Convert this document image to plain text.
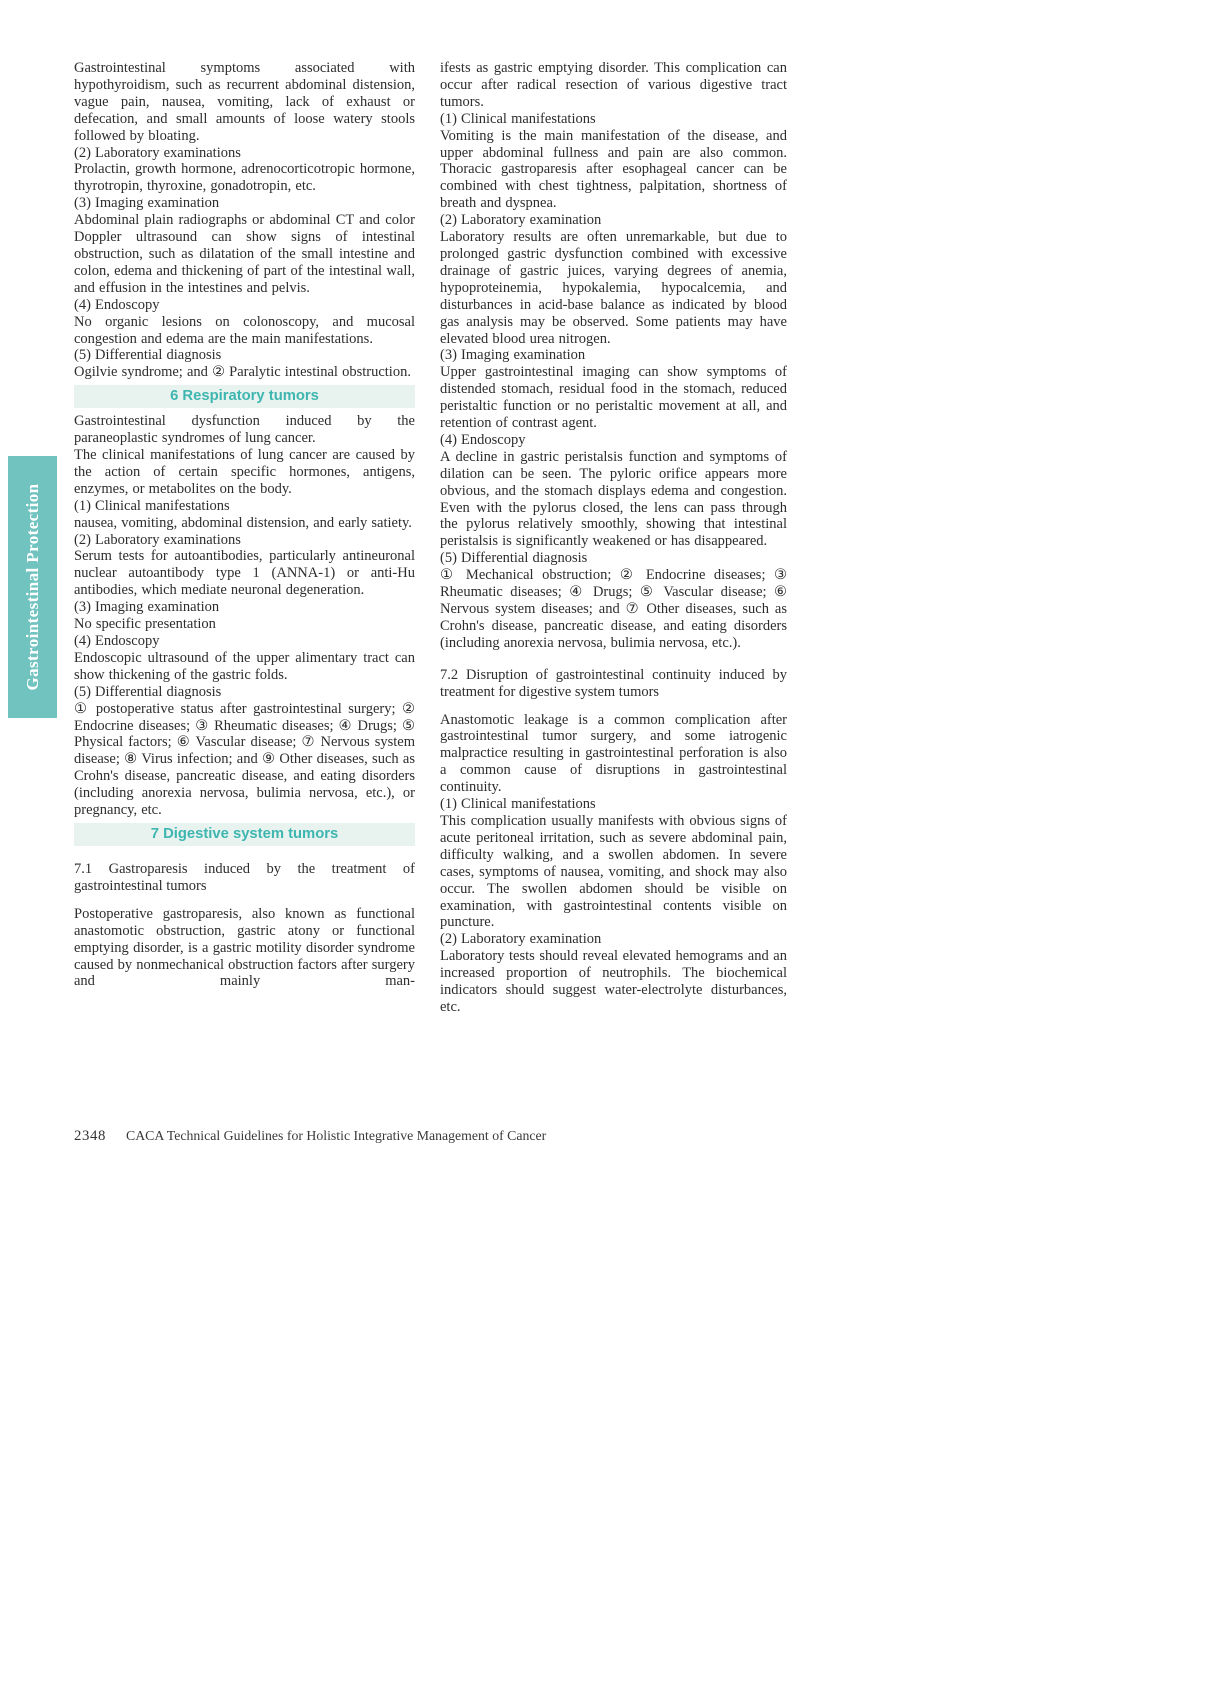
Gastrointestinal Protection

Gastrointestinal symptoms associated with hypothyroidism, such as recurrent abdominal distension, vague pain, nausea, vomiting, lack of exhaust or defecation, and small amounts of loose watery stools followed by bloating.

(2) Laboratory examinations

Prolactin, growth hormone, adrenocorticotropic hormone, thyrotropin, thyroxine, gonadotropin, etc.

(3) Imaging examination

Abdominal plain radiographs or abdominal CT and color Doppler ultrasound can show signs of intestinal obstruction, such as dilatation of the small intestine and colon, edema and thickening of part of the intestinal wall, and effusion in the intestines and pelvis.

(4) Endoscopy

No organic lesions on colonoscopy, and mucosal congestion and edema are the main manifestations.

(5) Differential diagnosis

Ogilvie syndrome; and ② Paralytic intestinal obstruction.

6 Respiratory tumors

Gastrointestinal dysfunction induced by the paraneoplastic syndromes of lung cancer.

The clinical manifestations of lung cancer are caused by the action of certain specific hormones, antigens, enzymes, or metabolites on the body.

(1) Clinical manifestations

nausea, vomiting, abdominal distension, and early satiety.

(2) Laboratory examinations

Serum tests for autoantibodies, particularly antineuronal nuclear autoantibody type 1 (ANNA-1) or anti-Hu antibodies, which mediate neuronal degeneration.

(3) Imaging examination

No specific presentation

(4) Endoscopy

Endoscopic ultrasound of the upper alimentary tract can show thickening of the gastric folds.

(5) Differential diagnosis

① postoperative status after gastrointestinal surgery; ② Endocrine diseases; ③ Rheumatic diseases; ④ Drugs; ⑤ Physical factors; ⑥ Vascular disease; ⑦ Nervous system disease; ⑧ Virus infection; and ⑨ Other diseases, such as Crohn's disease, pancreatic disease, and eating disorders (including anorexia nervosa, bulimia nervosa, etc.), or pregnancy, etc.

7 Digestive system tumors

7.1 Gastroparesis induced by the treatment of gastrointestinal tumors

Postoperative gastroparesis, also known as functional anastomotic obstruction, gastric atony or functional emptying disorder, is a gastric motility disorder syndrome caused by nonmechanical obstruction factors after surgery and mainly man-

ifests as gastric emptying disorder. This complication can occur after radical resection of various digestive tract tumors.

(1) Clinical manifestations

Vomiting is the main manifestation of the disease, and upper abdominal fullness and pain are also common. Thoracic gastroparesis after esophageal cancer can be combined with chest tightness, palpitation, shortness of breath and dyspnea.

(2) Laboratory examination

Laboratory results are often unremarkable, but due to prolonged gastric dysfunction combined with excessive drainage of gastric juices, varying degrees of anemia, hypoproteinemia, hypokalemia, hypocalcemia, and disturbances in acid-base balance as indicated by blood gas analysis may be observed. Some patients may have elevated blood urea nitrogen.

(3) Imaging examination

Upper gastrointestinal imaging can show symptoms of distended stomach, residual food in the stomach, reduced peristaltic function or no peristaltic movement at all, and retention of contrast agent.

(4) Endoscopy

A decline in gastric peristalsis function and symptoms of dilation can be seen. The pyloric orifice appears more obvious, and the stomach displays edema and congestion. Even with the pylorus closed, the lens can pass through the pylorus relatively smoothly, showing that intestinal peristalsis is significantly weakened or has disappeared.

(5) Differential diagnosis

① Mechanical obstruction; ② Endocrine diseases; ③ Rheumatic diseases; ④ Drugs; ⑤ Vascular disease; ⑥ Nervous system diseases; and ⑦ Other diseases, such as Crohn's disease, pancreatic disease, and eating disorders (including anorexia nervosa, bulimia nervosa, etc.).

7.2 Disruption of gastrointestinal continuity induced by treatment for digestive system tumors

Anastomotic leakage is a common complication after gastrointestinal tumor surgery, and some iatrogenic malpractice resulting in gastrointestinal perforation is also a common cause of disruptions in gastrointestinal continuity.

(1) Clinical manifestations

This complication usually manifests with obvious signs of acute peritoneal irritation, such as severe abdominal pain, difficulty walking, and a swollen abdomen. In severe cases, symptoms of nausea, vomiting, and shock may also occur. The swollen abdomen should be visible on examination, with gastrointestinal contents visible on puncture.

(2) Laboratory examination

Laboratory tests should reveal elevated hemograms and an increased proportion of neutrophils. The biochemical indicators should suggest water-electrolyte disturbances, etc.

2348 CACA Technical Guidelines for Holistic Integrative Management of Cancer
